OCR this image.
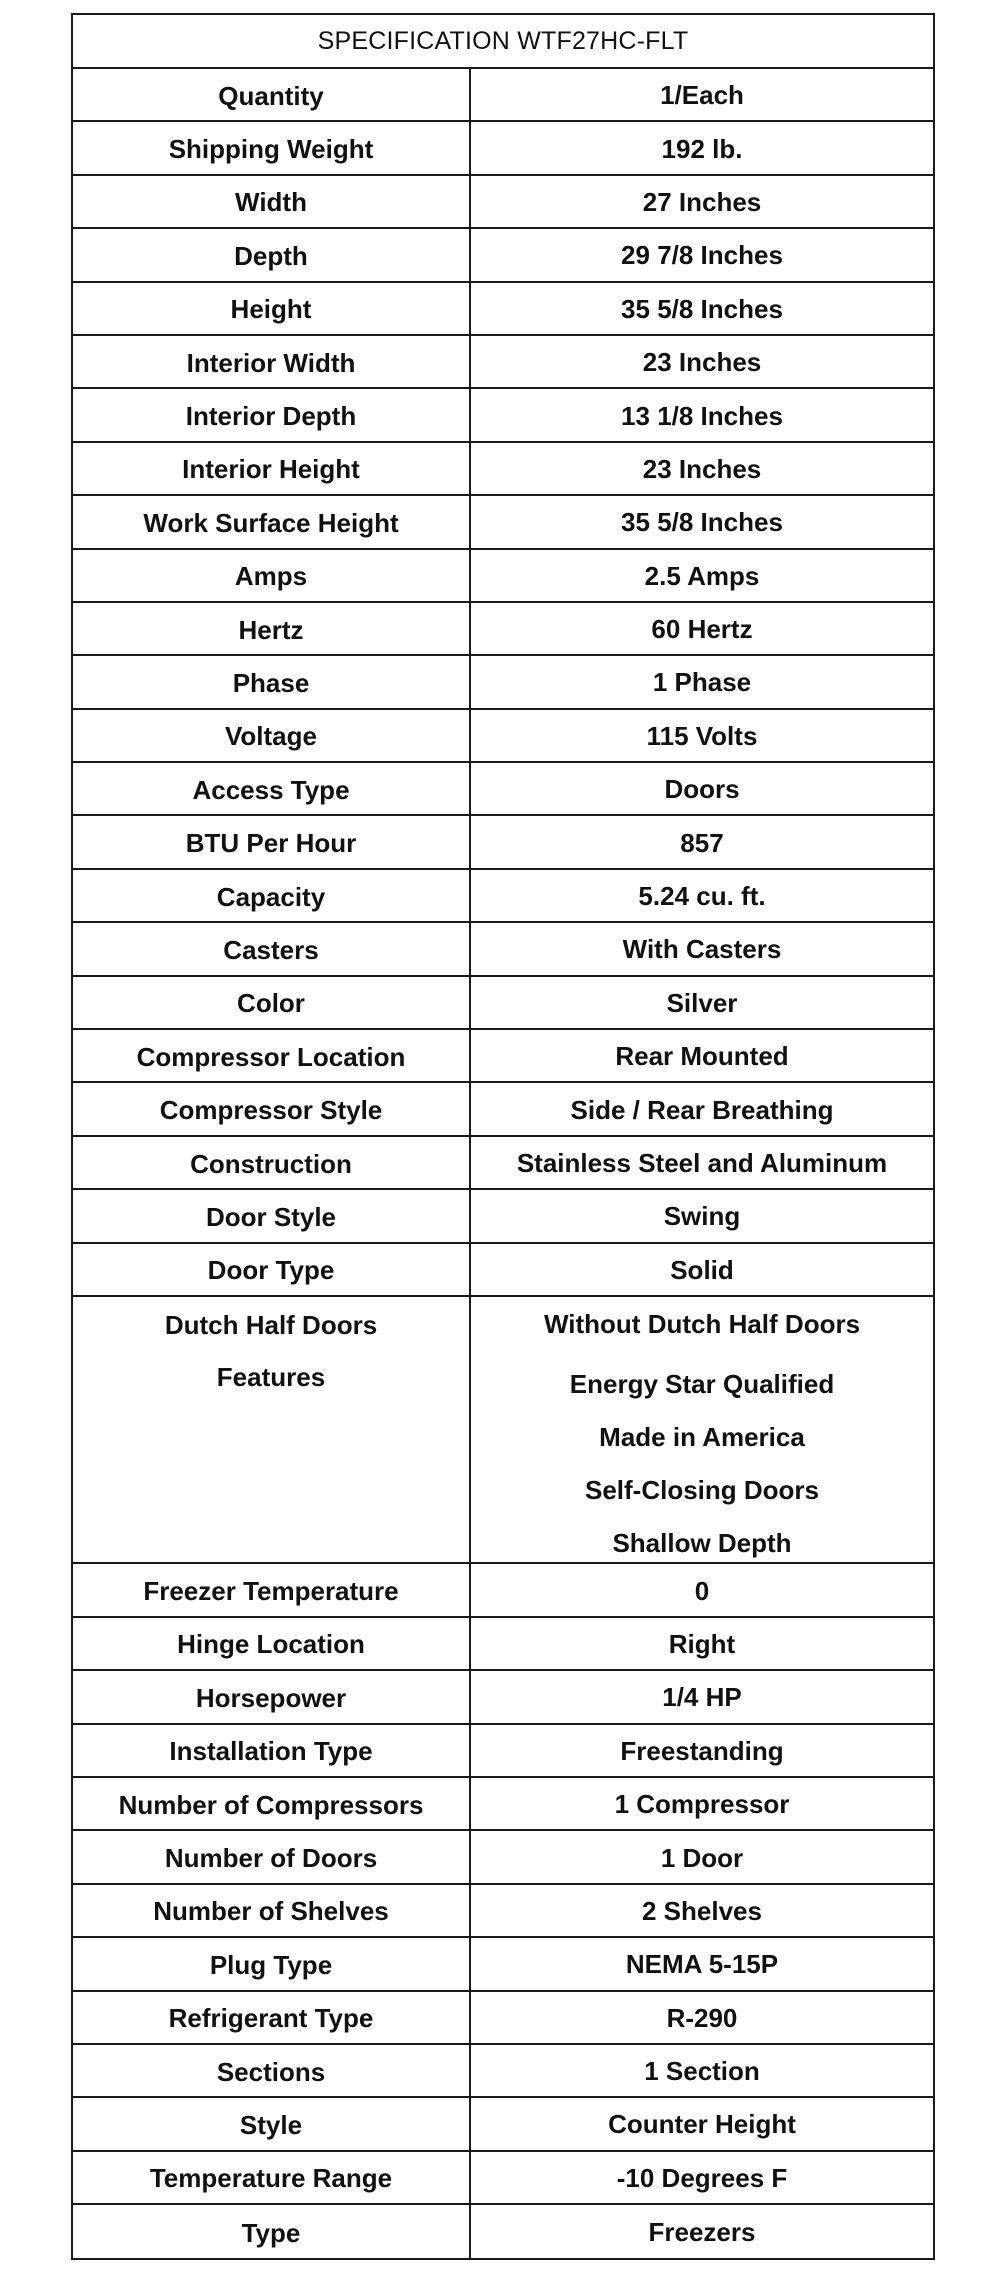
SPECIFICATION WTF27HC-FLT
Quantity	1/Each
Shipping Weight	192 lb.
Width	27 Inches
Depth	29 7/8 Inches
Height	35 5/8 Inches
Interior Width	23 Inches
Interior Depth	13 1/8 Inches
Interior Height	23 Inches
Work Surface Height	35 5/8 Inches
Amps	2.5 Amps
Hertz	60 Hertz
Phase	1 Phase
Voltage	115 Volts
Access Type	Doors
BTU Per Hour	857
Capacity	5.24 cu. ft.
Casters	With Casters
Color	Silver
Compressor Location	Rear Mounted
Compressor Style	Side / Rear Breathing
Construction	Stainless Steel and Aluminum
Door Style	Swing
Door Type	Solid
Dutch Half Doors	Without Dutch Half Doors
Features	Energy Star Qualified
Made in America
Self-Closing Doors
Shallow Depth
Freezer Temperature	0
Hinge Location	Right
Horsepower	1/4 HP
Installation Type	Freestanding
Number of Compressors	1 Compressor
Number of Doors	1 Door
Number of Shelves	2 Shelves
Plug Type	NEMA 5-15P
Refrigerant Type	R-290
Sections	1 Section
Style	Counter Height
Temperature Range	-10 Degrees F
Type	Freezers
